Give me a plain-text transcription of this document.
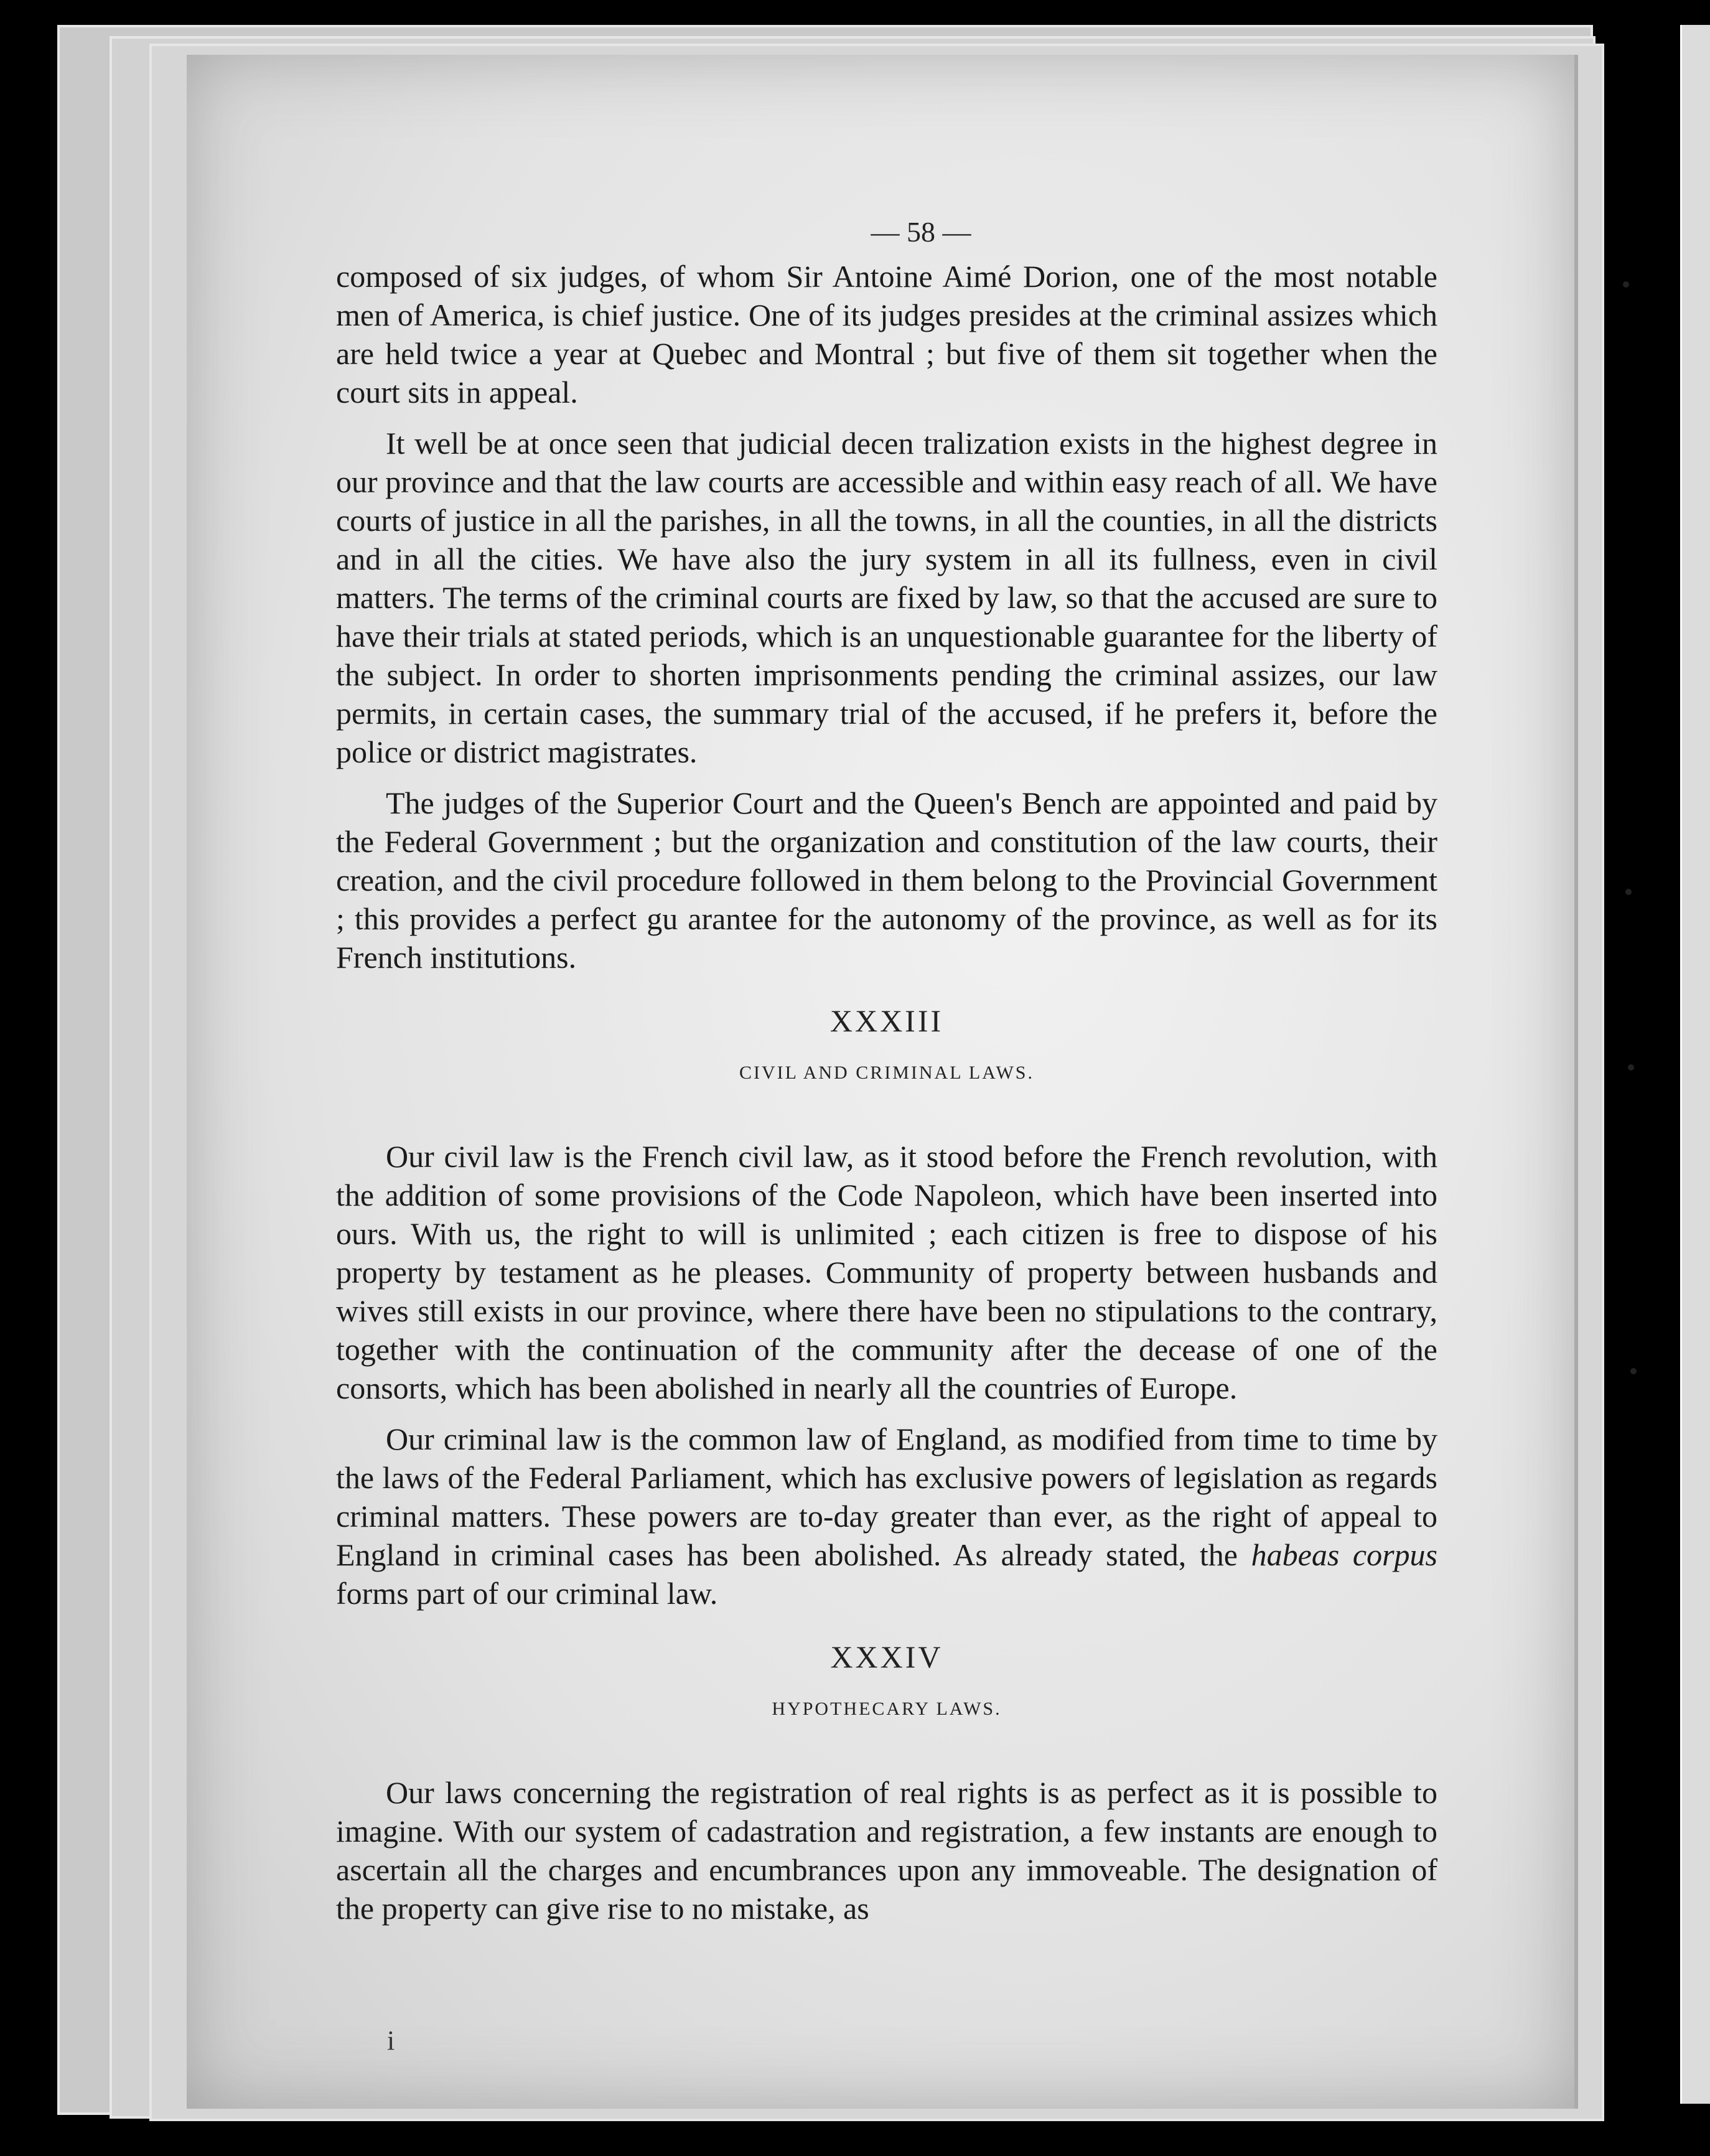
— 58 —

composed of six judges, of whom Sir Antoine Aimé Dorion, one of the most notable men of America, is chief justice. One of its judges presides at the criminal assizes which are held twice a year at Quebec and Montral ; but five of them sit together when the court sits in appeal.

It well be at once seen that judicial decen tralization exists in the highest degree in our province and that the law courts are accessible and within easy reach of all. We have courts of justice in all the parishes, in all the towns, in all the counties, in all the districts and in all the cities. We have also the jury system in all its fullness, even in civil matters. The terms of the criminal courts are fixed by law, so that the accused are sure to have their trials at stated periods, which is an unquestionable guarantee for the liberty of the subject. In order to shorten imprisonments pending the criminal assizes, our law permits, in certain cases, the summary trial of the accused, if he prefers it, before the police or district magistrates.

The judges of the Superior Court and the Queen's Bench are appointed and paid by the Federal Government ; but the organization and constitution of the law courts, their creation, and the civil procedure followed in them belong to the Provincial Government ; this provides a perfect gu arantee for the autonomy of the province, as well as for its French institutions.

XXXIII
CIVIL AND CRIMINAL LAWS.

Our civil law is the French civil law, as it stood before the French revolution, with the addition of some provisions of the Code Napoleon, which have been inserted into ours. With us, the right to will is unlimited ; each citizen is free to dispose of his property by testament as he pleases. Community of property between husbands and wives still exists in our province, where there have been no stipulations to the contrary, together with the continuation of the community after the decease of one of the consorts, which has been abolished in nearly all the countries of Europe.

Our criminal law is the common law of England, as modified from time to time by the laws of the Federal Parliament, which has exclusive powers of legislation as regards criminal matters. These powers are to-day greater than ever, as the right of appeal to England in criminal cases has been abolished. As already stated, the habeas corpus forms part of our criminal law.

XXXIV
HYPOTHECARY LAWS.

Our laws concerning the registration of real rights is as perfect as it is possible to imagine. With our system of cadastration and registration, a few instants are enough to ascertain all the charges and encumbrances upon any immoveable. The designation of the property can give rise to no mistake, as

i
